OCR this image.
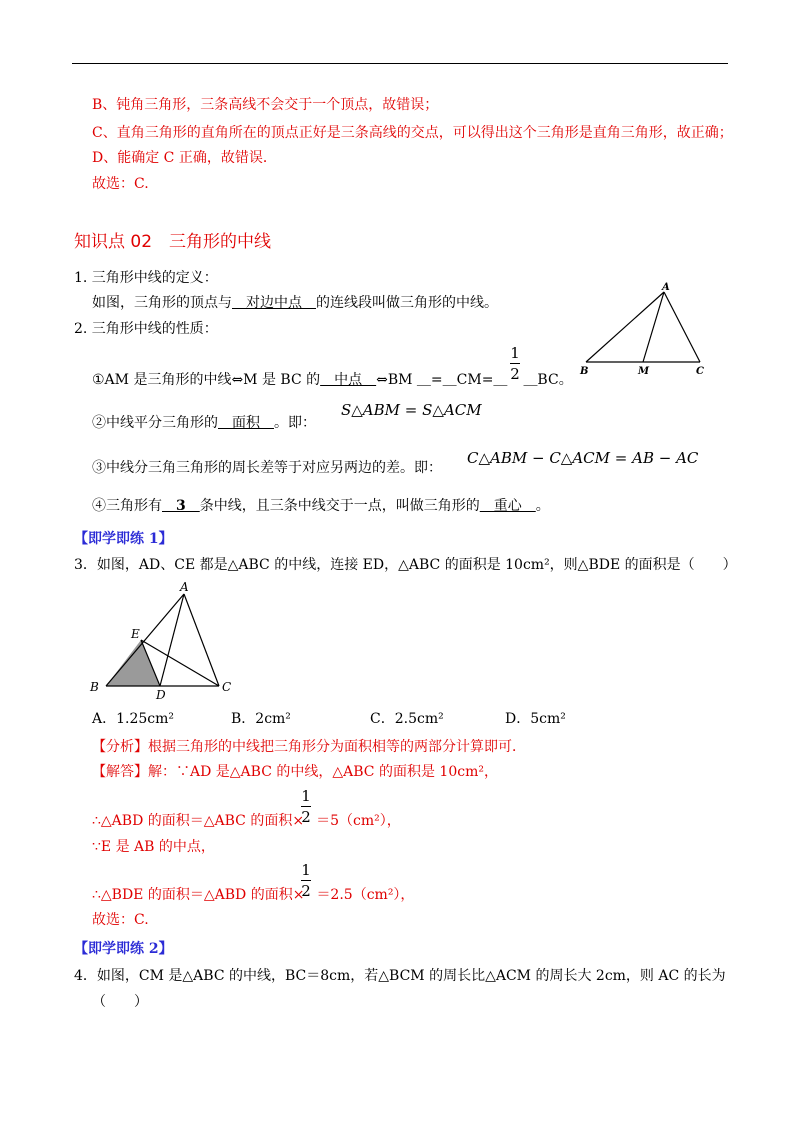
B、钝角三角形，三条高线不会交于一个顶点，故错误；
C、直角三角形的直角所在的顶点正好是三条高线的交点，可以得出这个三角形是直角三角形，故正确；
D、能确定 C 正确，故错误．
故选：C.
知识点 02　三角形的中线
1. 三角形中线的定义：
如图，三角形的顶点与　对边中点　的连线段叫做三角形的中线。
2. 三角形中线的性质：
A
B	M	C
①AM 是三角形的中线⇔M 是 BC 的　中点　⇔BM ＿=＿CM=＿ ＿BC。
1
2
②中线平分三角形的　面积　。即：
S△ABM = S△ACM
③中线分三角三角形的周长差等于对应另两边的差。即：
C△ABM − C△ACM = AB − AC
④三角形有　3　条中线，且三条中线交于一点，叫做三角形的　重心　。
【即学即练 1】
3．如图，AD、CE 都是△ABC 的中线，连接 ED，△ABC 的面积是 10cm²，则△BDE 的面积是（　　）
A
E
B
D
C
A．1.25cm²	B．2cm²	C．2.5cm²	D．5cm²
【分析】根据三角形的中线把三角形分为面积相等的两部分计算即可．
【解答】解：∵AD 是△ABC 的中线，△ABC 的面积是 10cm²，
∴△ABD 的面积＝△ABC 的面积× ＝5（cm²），
1
2
∵E 是 AB 的中点，
∴△BDE 的面积＝△ABD 的面积× ＝2.5（cm²），
1
2
故选：C.
【即学即练 2】
4．如图，CM 是△ABC 的中线，BC＝8cm，若△BCM 的周长比△ACM 的周长大 2cm，则 AC 的长为
（　　）
